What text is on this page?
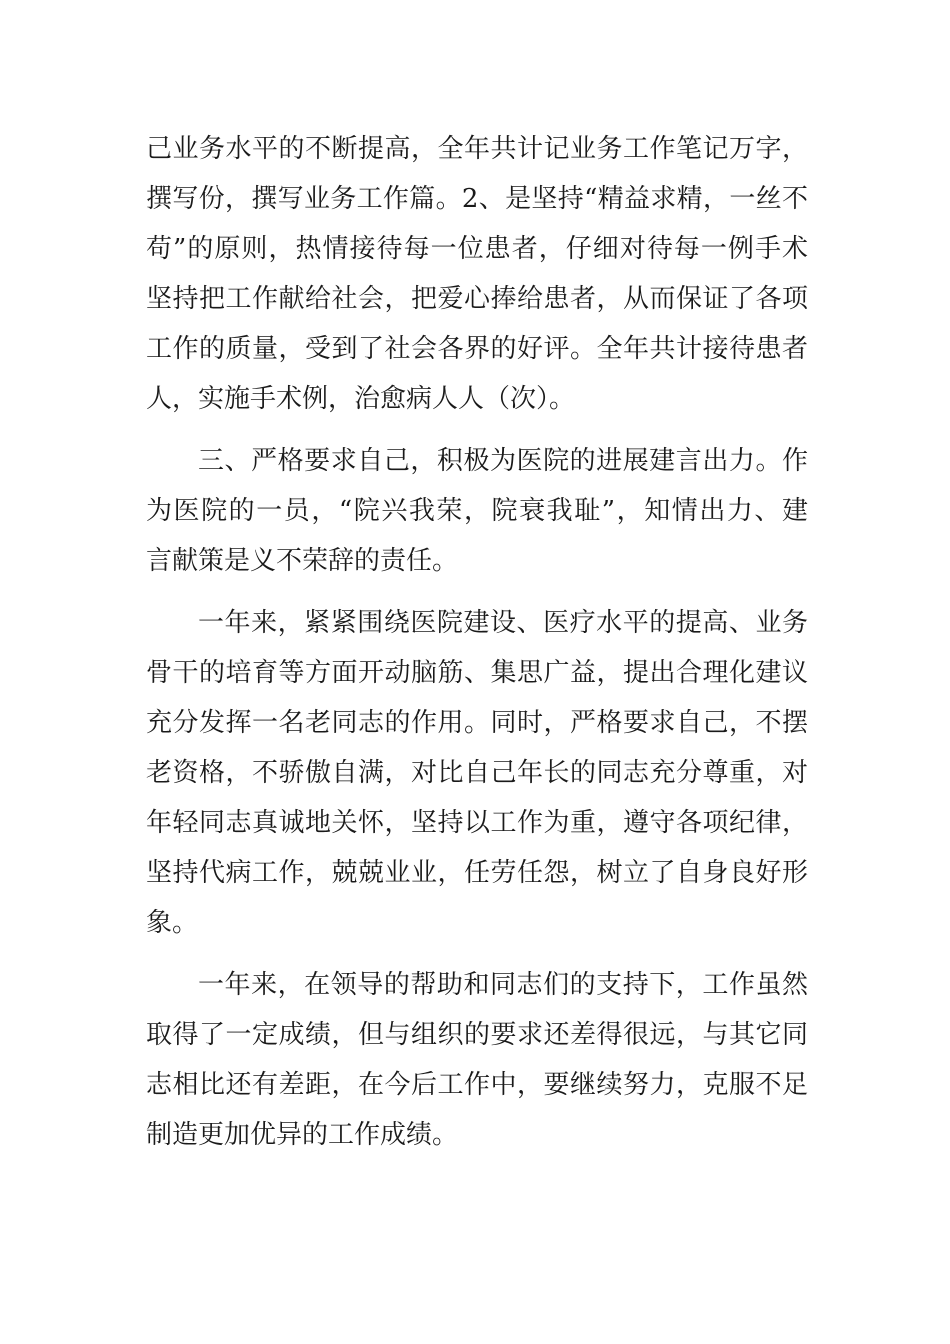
己业务水平的不断提高，全年共计记业务工作笔记万字，
撰写份，撰写业务工作篇。2、是坚持“精益求精，一丝不
苟”的原则，热情接待每一位患者，仔细对待每一例手术
坚持把工作献给社会，把爱心捧给患者，从而保证了各项
工作的质量，受到了社会各界的好评。全年共计接待患者
人，实施手术例，治愈病人人（次）。
三、严格要求自己，积极为医院的进展建言出力。作
为医院的一员，“院兴我荣，院衰我耻”，知情出力、建
言献策是义不荣辞的责任。
一年来，紧紧围绕医院建设、医疗水平的提高、业务
骨干的培育等方面开动脑筋、集思广益，提出合理化建议
充分发挥一名老同志的作用。同时，严格要求自己，不摆
老资格，不骄傲自满，对比自己年长的同志充分尊重，对
年轻同志真诚地关怀，坚持以工作为重，遵守各项纪律，
坚持代病工作，兢兢业业，任劳任怨，树立了自身良好形
象。
一年来，在领导的帮助和同志们的支持下，工作虽然
取得了一定成绩，但与组织的要求还差得很远，与其它同
志相比还有差距，在今后工作中，要继续努力，克服不足
制造更加优异的工作成绩。
